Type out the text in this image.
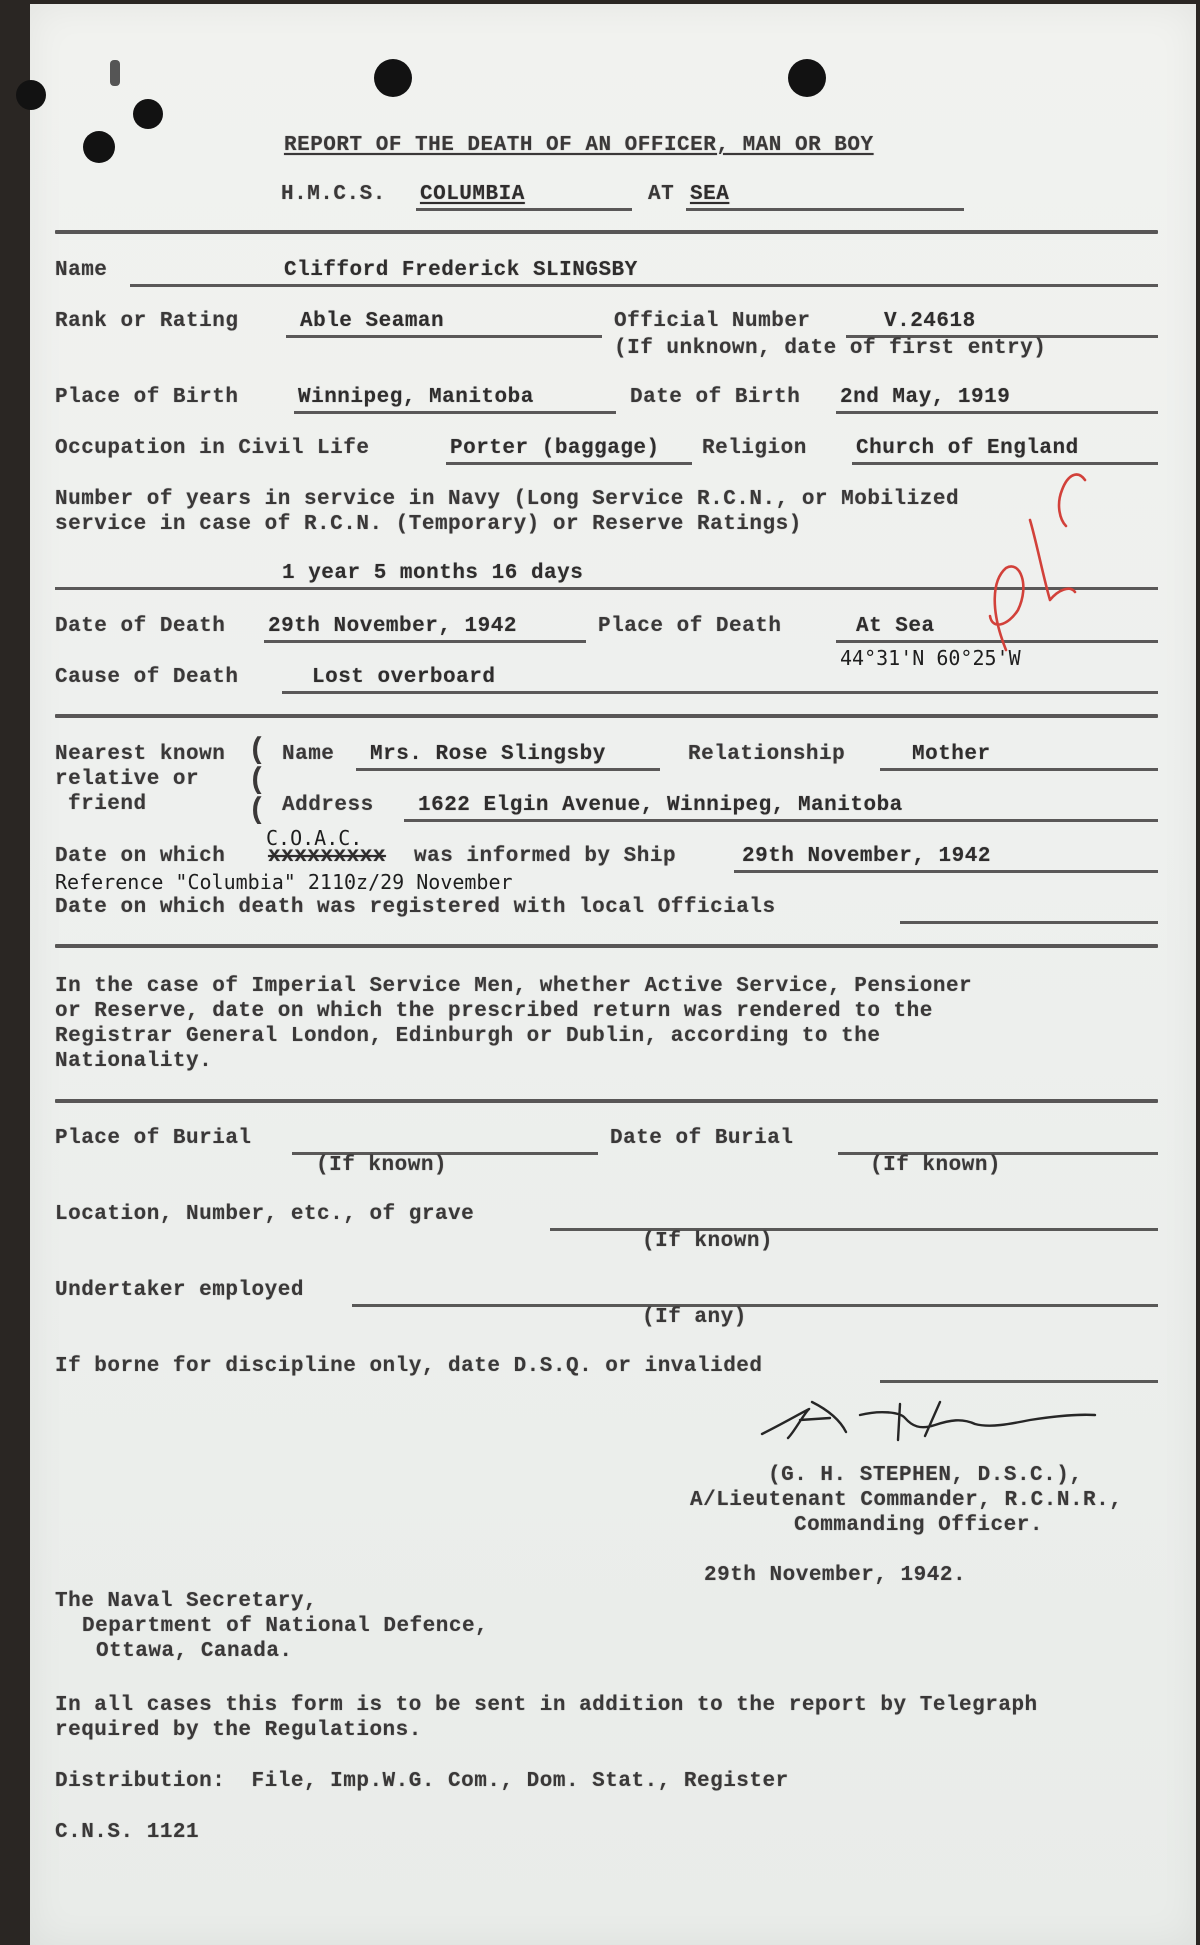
REPORT OF THE DEATH OF AN OFFICER, MAN OR BOY
H.M.C.S. COLUMBIA	AT SEA
Name	Clifford Frederick SLINGSBY
Rank or Rating	Able Seaman	Official Number	V.24618
(If unknown, date of first entry)
Place of Birth	Winnipeg, Manitoba	Date of Birth 2nd May, 1919
Occupation in Civil Life	Porter (baggage) Religion Church of England
Number of years in service in Navy (Long Service R.C.N., or Mobilized
service in case of R.C.N. (Temporary) or Reserve Ratings)
1 year 5 months 16 days
Date of Death 29th November, 1942	Place of Death	At Sea
44°31'N 60°25'W
Cause of Death	Lost overboard
Nearest known
relative or
friend
(
(
(
Name Mrs. Rose Slingsby	Relationship	Mother
Address 1622 Elgin Avenue, Winnipeg, Manitoba
C.O.A.C.
Date on which xxxxxxxxx was informed by Ship	29th November, 1942
Reference "Columbia" 2110z/29 November
Date on which death was registered with local Officials
In the case of Imperial Service Men, whether Active Service, Pensioner
or Reserve, date on which the prescribed return was rendered to the
Registrar General London, Edinburgh or Dublin, according to the
Nationality.
Place of Burial
(If known)
Date of Burial
(If known)
Location, Number, etc., of grave
(If known)
Undertaker employed
(If any)
If borne for discipline only, date D.S.Q. or invalided
(G. H. STEPHEN, D.S.C.),
A/Lieutenant Commander, R.C.N.R.,
Commanding Officer.
29th November, 1942.
The Naval Secretary,
Department of National Defence,
Ottawa, Canada.
In all cases this form is to be sent in addition to the report by Telegraph
required by the Regulations.
Distribution:  File, Imp.W.G. Com., Dom. Stat., Register
C.N.S. 1121
